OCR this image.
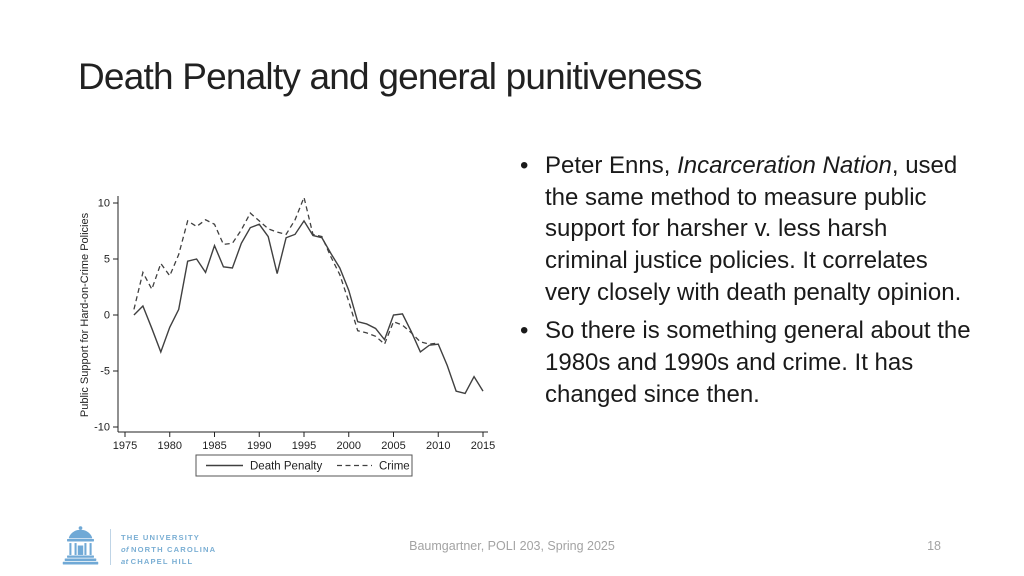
Death Penalty and general punitiveness
10
5
0
-5
-10
1975 1980 1985 1990 1995 2000 2005 2010 2015
Public Support for Hard-on-Crime Policies
Death Penalty	Crime
• Peter Enns, Incarceration Nation, used the same method to measure public support for harsher v. less harsh criminal justice policies. It correlates very closely with death penalty opinion.
• So there is something general about the 1980s and 1990s and crime. It has changed since then.
THE UNIVERSITY
of NORTH CAROLINA
at CHAPEL HILL
Baumgartner, POLI 203, Spring 2025	18
